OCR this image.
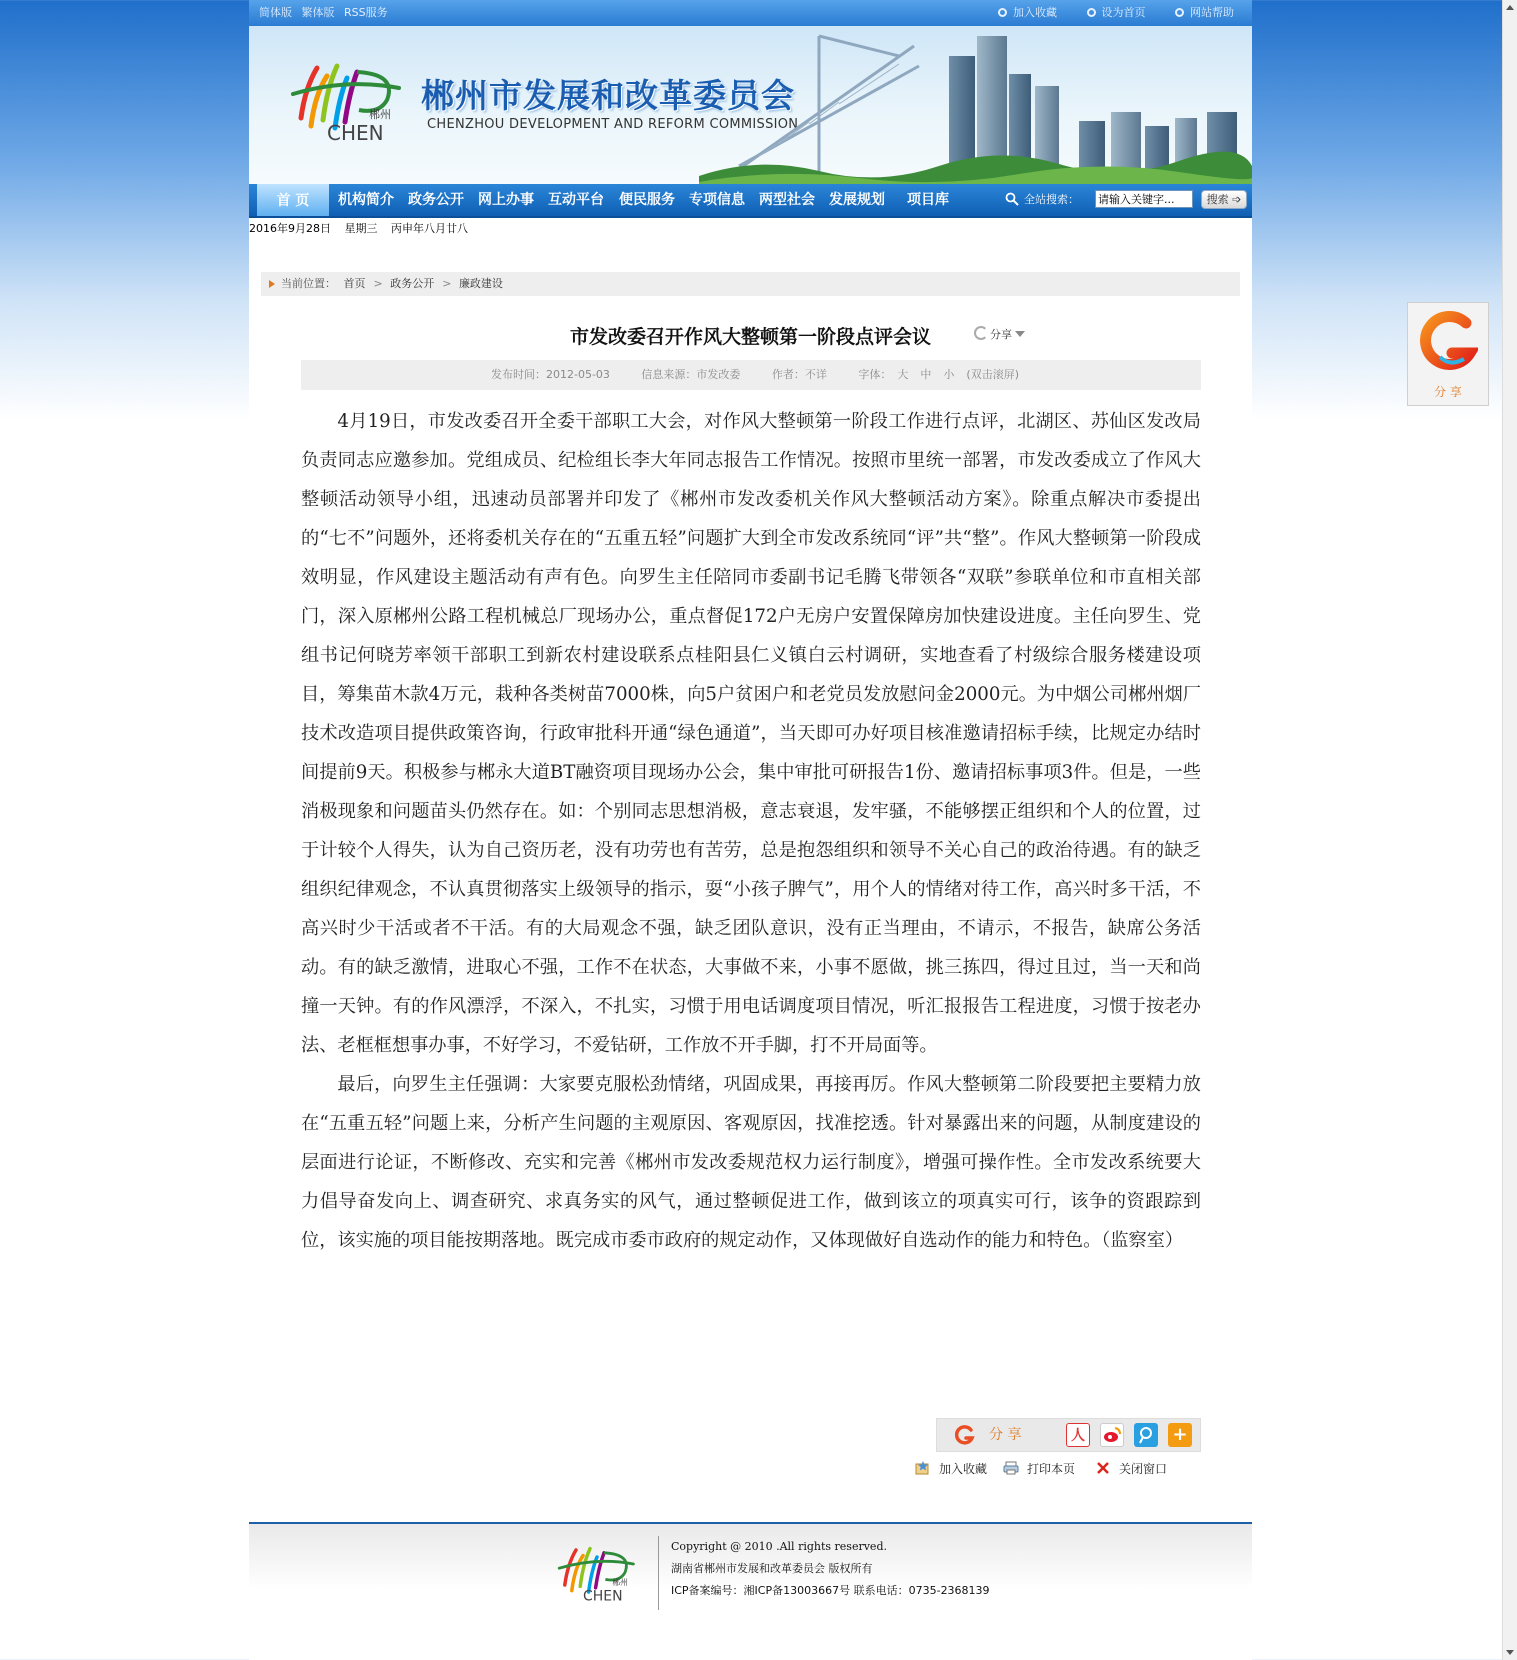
简体版 繁体版 RSS服务	加入收藏	设为首页	网站帮助
郴州
CHEN
郴州市发展和改革委员会
CHENZHOU DEVELOPMENT AND REFORM COMMISSION
首 页	机构简介 政务公开 网上办事 互动平台 便民服务 专项信息 两型社会 发展规划 项目库	全站搜索：
请输入关键字...	搜索 ➩
2016年9月28日 星期三 丙申年八月廿八
当前位置： 首页 > 政务公开 > 廉政建设
市发改委召开作风大整顿第一阶段点评会议	分享
发布时间：2012-05-03	信息来源：市发改委	作者：不详	字体： 大 中 小 (双击滚屏)

4月19日，市发改委召开全委干部职工大会，对作风大整顿第一阶段工作进行点评，北湖区、苏仙区发改局负责同志应邀参加。党组成员、纪检组长李大年同志报告工作情况。按照市里统一部署，市发改委成立了作风大整顿活动领导小组，迅速动员部署并印发了《郴州市发改委机关作风大整顿活动方案》。除重点解决市委提出的“七不”问题外，还将委机关存在的“五重五轻”问题扩大到全市发改系统同“评”共“整”。作风大整顿第一阶段成效明显，作风建设主题活动有声有色。向罗生主任陪同市委副书记毛腾飞带领各“双联”参联单位和市直相关部门，深入原郴州公路工程机械总厂现场办公，重点督促172户无房户安置保障房加快建设进度。主任向罗生、党组书记何晓芳率领干部职工到新农村建设联系点桂阳县仁义镇白云村调研，实地查看了村级综合服务楼建设项目，筹集苗木款4万元，栽种各类树苗7000株，向5户贫困户和老党员发放慰问金2000元。为中烟公司郴州烟厂技术改造项目提供政策咨询，行政审批科开通“绿色通道”，当天即可办好项目核准邀请招标手续，比规定办结时间提前9天。积极参与郴永大道BT融资项目现场办公会，集中审批可研报告1份、邀请招标事项3件。但是，一些消极现象和问题苗头仍然存在。如：个别同志思想消极，意志衰退，发牢骚，不能够摆正组织和个人的位置，过于计较个人得失，认为自己资历老，没有功劳也有苦劳，总是抱怨组织和领导不关心自己的政治待遇。有的缺乏组织纪律观念，不认真贯彻落实上级领导的指示，耍“小孩子脾气”，用个人的情绪对待工作，高兴时多干活，不高兴时少干活或者不干活。有的大局观念不强，缺乏团队意识，没有正当理由，不请示，不报告，缺席公务活动。有的缺乏激情，进取心不强，工作不在状态，大事做不来，小事不愿做，挑三拣四，得过且过，当一天和尚撞一天钟。有的作风漂浮，不深入，不扎实，习惯于用电话调度项目情况，听汇报报告工程进度，习惯于按老办法、老框框想事办事，不好学习，不爱钻研，工作放不开手脚，打不开局面等。

最后，向罗生主任强调：大家要克服松劲情绪，巩固成果，再接再厉。作风大整顿第二阶段要把主要精力放在“五重五轻”问题上来，分析产生问题的主观原因、客观原因，找准挖透。针对暴露出来的问题，从制度建设的层面进行论证，不断修改、充实和完善《郴州市发改委规范权力运行制度》，增强可操作性。全市发改系统要大力倡导奋发向上、调查研究、求真务实的风气，通过整顿促进工作，做到该立的项真实可行，该争的资跟踪到位，该实施的项目能按期落地。既完成市委市政府的规定动作，又体现做好自选动作的能力和特色。（监察室）

分 享	人	+
加入收藏	打印本页	关闭窗口
郴州
CHEN
Copyright @ 2010 .All rights reserved.
湖南省郴州市发展和改革委员会 版权所有
ICP备案编号：湘ICP备13003667号 联系电话：0735-2368139
分 享
